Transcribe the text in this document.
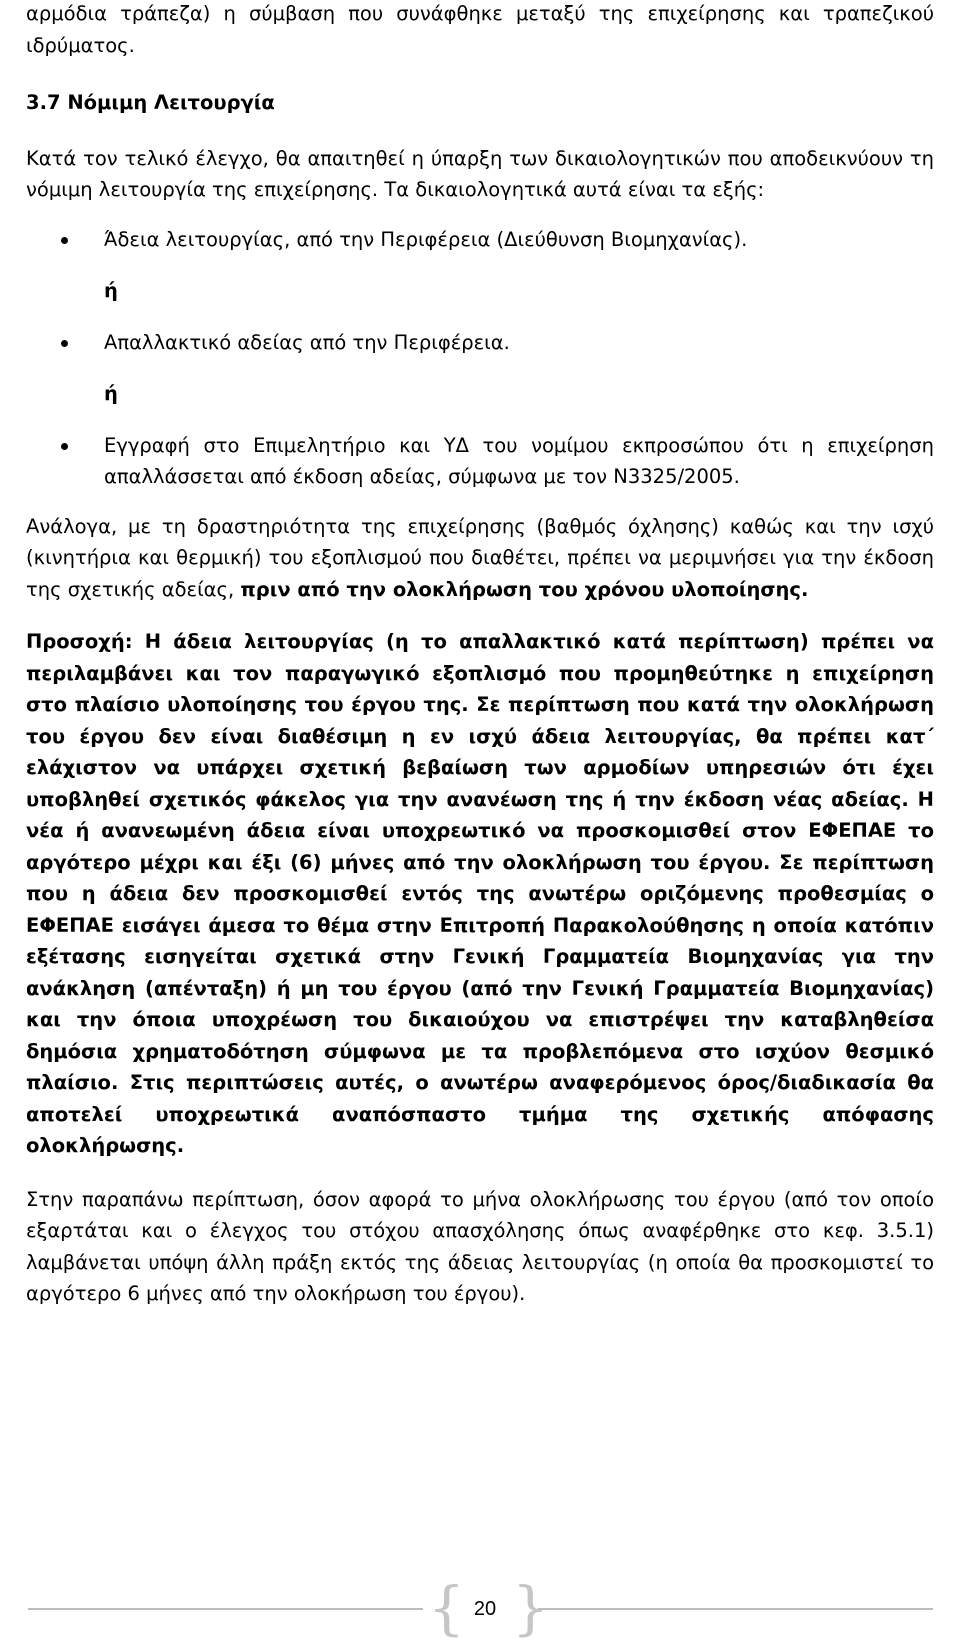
αρμόδια τράπεζα) η σύμβαση που συνάφθηκε μεταξύ της επιχείρησης και τραπεζικού ιδρύματος.

3.7 Νόμιμη Λειτουργία

Κατά τον τελικό έλεγχο, θα απαιτηθεί η ύπαρξη των δικαιολογητικών που αποδεικνύουν τη νόμιμη λειτουργία της επιχείρησης. Τα δικαιολογητικά αυτά είναι τα εξής:

Άδεια λειτουργίας, από την Περιφέρεια (Διεύθυνση Βιομηχανίας).
ή
Απαλλακτικό αδείας από την Περιφέρεια.
ή
Εγγραφή στο Επιμελητήριο και ΥΔ του νομίμου εκπροσώπου ότι η επιχείρηση απαλλάσσεται από έκδοση αδείας, σύμφωνα με τον Ν3325/2005.

Ανάλογα, με τη δραστηριότητα της επιχείρησης (βαθμός όχλησης) καθώς και την ισχύ (κινητήρια και θερμική) του εξοπλισμού που διαθέτει, πρέπει να μεριμνήσει για την έκδοση της σχετικής αδείας, πριν από την ολοκλήρωση του χρόνου υλοποίησης.

Προσοχή: Η άδεια λειτουργίας (η το απαλλακτικό κατά περίπτωση) πρέπει να περιλαμβάνει και τον παραγωγικό εξοπλισμό που προμηθεύτηκε η επιχείρηση στο πλαίσιο υλοποίησης του έργου της. Σε περίπτωση που κατά την ολοκλήρωση του έργου δεν είναι διαθέσιμη η εν ισχύ άδεια λειτουργίας, θα πρέπει κατ΄ ελάχιστον να υπάρχει σχετική βεβαίωση των αρμοδίων υπηρεσιών ότι έχει υποβληθεί σχετικός φάκελος για την ανανέωση της ή την έκδοση νέας αδείας. Η νέα ή ανανεωμένη άδεια είναι υποχρεωτικό να προσκομισθεί στον ΕΦΕΠΑΕ το αργότερο μέχρι και έξι (6) μήνες από την ολοκλήρωση του έργου. Σε περίπτωση που η άδεια δεν προσκομισθεί εντός της ανωτέρω οριζόμενης προθεσμίας ο ΕΦΕΠΑΕ εισάγει άμεσα το θέμα στην Επιτροπή Παρακολούθησης η οποία κατόπιν εξέτασης εισηγείται σχετικά στην Γενική Γραμματεία Βιομηχανίας για την ανάκληση (απένταξη) ή μη του έργου (από την Γενική Γραμματεία Βιομηχανίας) και την όποια υποχρέωση του δικαιούχου να επιστρέψει την καταβληθείσα δημόσια χρηματοδότηση σύμφωνα με τα προβλεπόμενα στο ισχύον θεσμικό πλαίσιο. Στις περιπτώσεις αυτές, ο ανωτέρω αναφερόμενος όρος/διαδικασία θα αποτελεί υποχρεωτικά αναπόσπαστο τμήμα της σχετικής απόφασης ολοκλήρωσης.

Στην παραπάνω περίπτωση, όσον αφορά το μήνα ολοκλήρωσης του έργου (από τον οποίο εξαρτάται και ο έλεγχος του στόχου απασχόλησης όπως αναφέρθηκε στο κεφ. 3.5.1) λαμβάνεται υπόψη άλλη πράξη εκτός της άδειας λειτουργίας (η οποία θα προσκομιστεί το αργότερο 6 μήνες από την ολοκήρωση του έργου).

{ 20 }
